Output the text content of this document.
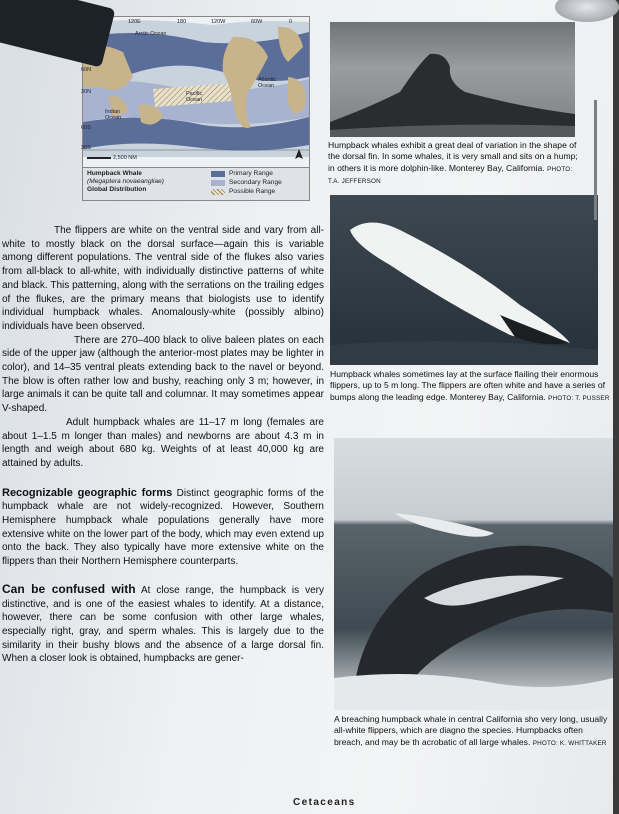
Arctic Ocean
Pacific Ocean
Atlantic Ocean
Indian Ocean
120E	180	120W	60W	0
60N
30N
60S
30S
2,500 NM
Humpback Whale
(Megaptera novaeangliae)
Global Distribution
Primary Range
Secondary Range
Possible Range
Humpback whales exhibit a great deal of variation in the shape of the dorsal fin. In some whales, it is very small and sits on a hump; in others it is more dolphin-like. Monterey Bay, California. PHOTO: T.A. JEFFERSON
Humpback whales sometimes lay at the surface flailing their enormous flippers, up to 5 m long. The flippers are often white and have a series of bumps along the leading edge. Monterey Bay, California. PHOTO: T. PUSSER
A breaching humpback whale in central California sho very long, usually all-white flippers, which are diagno the species. Humpbacks often breach, and may be th acrobatic of all large whales. PHOTO: K. WHITTAKER

The flippers are white on the ventral side and vary from all-white to mostly black on the dorsal surface—again this is variable among different populations. The ventral side of the flukes also varies from all-black to all-white, with individually distinctive patterns of white and black. This patterning, along with the serrations on the trailing edges of the flukes, are the primary means that biologists use to identify individual humpback whales. Anomalously-white (possibly albino) individuals have been observed.

There are 270–400 black to olive baleen plates on each side of the upper jaw (although the anterior-most plates may be lighter in color), and 14–35 ventral pleats extending back to the navel or beyond. The blow is often rather low and bushy, reaching only 3 m; however, in large animals it can be quite tall and columnar. It may sometimes appear V-shaped.

Adult humpback whales are 11–17 m long (females are about 1–1.5 m longer than males) and newborns are about 4.3 m in length and weigh about 680 kg. Weights of at least 40,000 kg are attained by adults.

Recognizable geographic forms Distinct geographic forms of the humpback whale are not widely-recognized. However, Southern Hemisphere humpback whale populations generally have more extensive white on the lower part of the body, which may even extend up onto the back. They also typically have more extensive white on the flippers than their Northern Hemisphere counterparts.

Can be confused with At close range, the humpback is very distinctive, and is one of the easiest whales to identify. At a distance, however, there can be some confusion with other large whales, especially right, gray, and sperm whales. This is largely due to the similarity in their bushy blows and the absence of a large dorsal fin. When a closer look is obtained, humpbacks are gener-

Cetaceans
